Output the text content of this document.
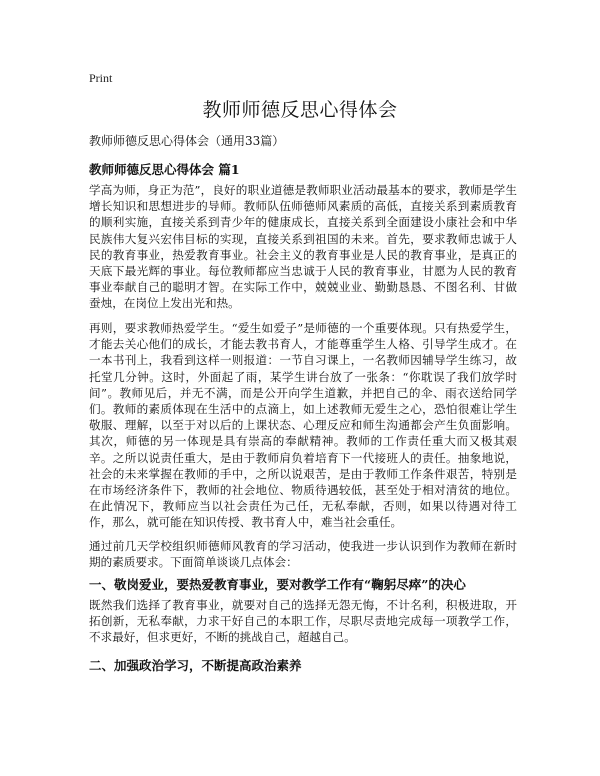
Print
教师师德反思心得体会

教师师德反思心得体会（通用33篇）

教师师德反思心得体会 篇1

学高为师，身正为范”，良好的职业道德是教师职业活动最基本的要求，教师是学生增长知识和思想进步的导师。教师队伍师德师风素质的高低，直接关系到素质教育的顺利实施，直接关系到青少年的健康成长，直接关系到全面建设小康社会和中华民族伟大复兴宏伟目标的实现，直接关系到祖国的未来。首先，要求教师忠诚于人民的教育事业，热爱教育事业。社会主义的教育事业是人民的教育事业，是真正的天底下最光辉的事业。每位教师都应当忠诚于人民的教育事业，甘愿为人民的教育事业奉献自己的聪明才智。在实际工作中，兢兢业业、勤勤恳恳、不图名利、甘做蚕烛，在岗位上发出光和热。

再则，要求教师热爱学生。“爱生如爱子”是师德的一个重要体现。只有热爱学生，才能去关心他们的成长，才能去教书育人，才能尊重学生人格、引导学生成才。在一本书刊上，我看到这样一则报道：一节自习课上，一名教师因辅导学生练习，故托堂几分钟。这时，外面起了雨，某学生讲台放了一张条：“你耽误了我们放学时间”。教师见后，并无不满，而是公开向学生道歉，并把自己的伞、雨衣送给同学们。教师的素质体现在生活中的点滴上，如上述教师无爱生之心，恐怕很难让学生敬服、理解，以至于对以后的上课状态、心理反应和师生沟通都会产生负面影响。其次，师德的另一体现是具有崇高的奉献精神。教师的工作责任重大而又极其艰辛。之所以说责任重大，是由于教师肩负着培育下一代接班人的责任。抽象地说，社会的未来掌握在教师的手中，之所以说艰苦，是由于教师工作条件艰苦，特别是在市场经济条件下，教师的社会地位、物质待遇较低，甚至处于相对清贫的地位。在此情况下，教师应当以社会责任为己任，无私奉献，否则，如果以待遇对待工作，那么，就可能在知识传授、教书育人中，难当社会重任。

通过前几天学校组织师德师风教育的学习活动，使我进一步认识到作为教师在新时期的素质要求。下面简单谈谈几点体会：

一、敬岗爱业，要热爱教育事业，要对教学工作有“鞠躬尽瘁”的决心

既然我们选择了教育事业，就要对自己的选择无怨无悔，不计名利，积极进取，开拓创新，无私奉献，力求干好自己的本职工作，尽职尽责地完成每一项教学工作，不求最好，但求更好，不断的挑战自己，超越自己。

二、加强政治学习，不断提高政治素养
